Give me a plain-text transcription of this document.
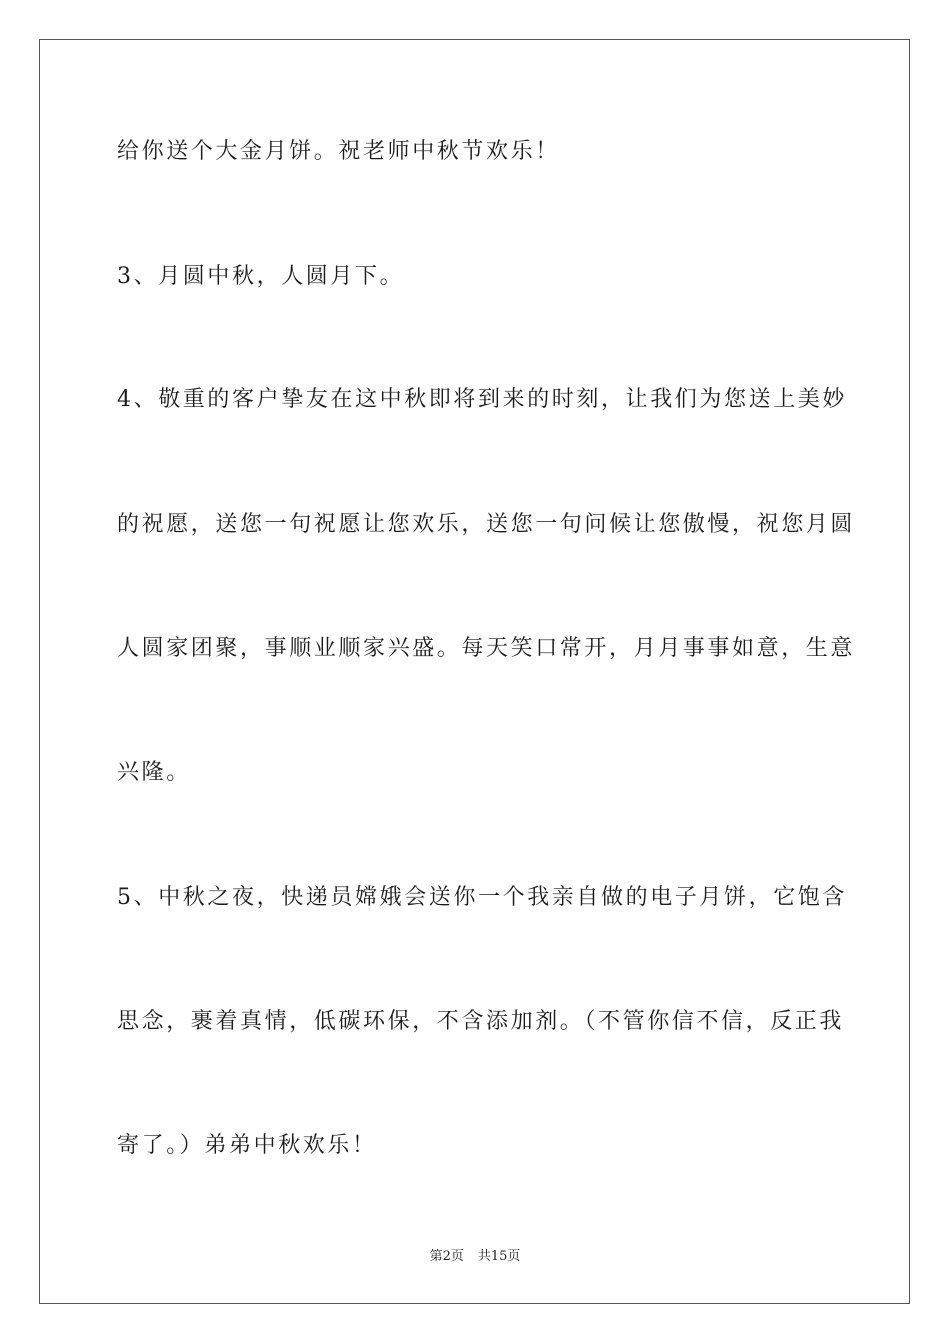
给你送个大金月饼。祝老师中秋节欢乐！
3、月圆中秋，人圆月下。
4、敬重的客户挚友在这中秋即将到来的时刻，让我们为您送上美妙
的祝愿，送您一句祝愿让您欢乐，送您一句问候让您傲慢，祝您月圆
人圆家团聚，事顺业顺家兴盛。每天笑口常开，月月事事如意，生意
兴隆。
5、中秋之夜，快递员嫦娥会送你一个我亲自做的电子月饼，它饱含
思念，裹着真情，低碳环保，不含添加剂。（不管你信不信，反正我
寄了。）弟弟中秋欢乐！
第2页 共15页
